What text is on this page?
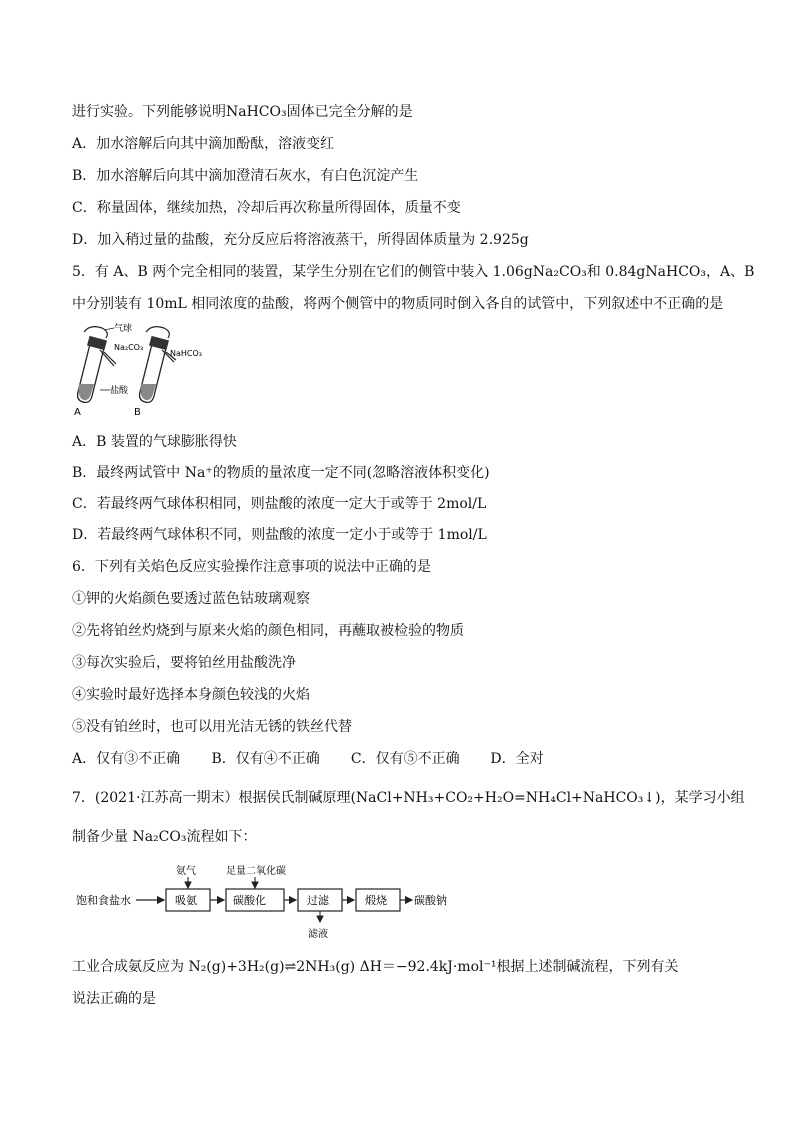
进行实验。下列能够说明NaHCO₃固体已完全分解的是
A．加水溶解后向其中滴加酚酞，溶液变红
B．加水溶解后向其中滴加澄清石灰水，有白色沉淀产生
C．称量固体，继续加热，冷却后再次称量所得固体，质量不变
D．加入稍过量的盐酸，充分反应后将溶液蒸干，所得固体质量为 2.925g
5．有 A、B 两个完全相同的装置，某学生分别在它们的侧管中装入 1.06gNa₂CO₃和 0.84gNaHCO₃，A、B
中分别装有 10mL 相同浓度的盐酸，将两个侧管中的物质同时倒入各自的试管中，下列叙述中不正确的是
气球
Na₂CO₃
NaHCO₃
盐酸
A	B
A．B 装置的气球膨胀得快
B．最终两试管中 Na⁺的物质的量浓度一定不同(忽略溶液体积变化)
C．若最终两气球体积相同，则盐酸的浓度一定大于或等于 2mol/L
D．若最终两气球体积不同，则盐酸的浓度一定小于或等于 1mol/L
6．下列有关焰色反应实验操作注意事项的说法中正确的是
①钾的火焰颜色要透过蓝色钴玻璃观察
②先将铂丝灼烧到与原来火焰的颜色相同，再蘸取被检验的物质
③每次实验后，要将铂丝用盐酸洗净
④实验时最好选择本身颜色较浅的火焰
⑤没有铂丝时，也可以用光洁无锈的铁丝代替
A．仅有③不正确 B．仅有④不正确 C．仅有⑤不正确 D．全对
7．(2021·江苏高一期末）根据侯氏制碱原理(NaCl+NH₃+CO₂+H₂O=NH₄Cl+NaHCO₃↓)，某学习小组
制备少量 Na₂CO₃流程如下：
饱和食盐水	吸氨
氨气
碳酸化
足量二氧化碳
过滤
滤液
煅烧 碳酸钠
工业合成氨反应为 N₂(g)+3H₂(g)⇌2NH₃(g) ΔH＝−92.4kJ·mol⁻¹根据上述制碱流程，下列有关
说法正确的是
